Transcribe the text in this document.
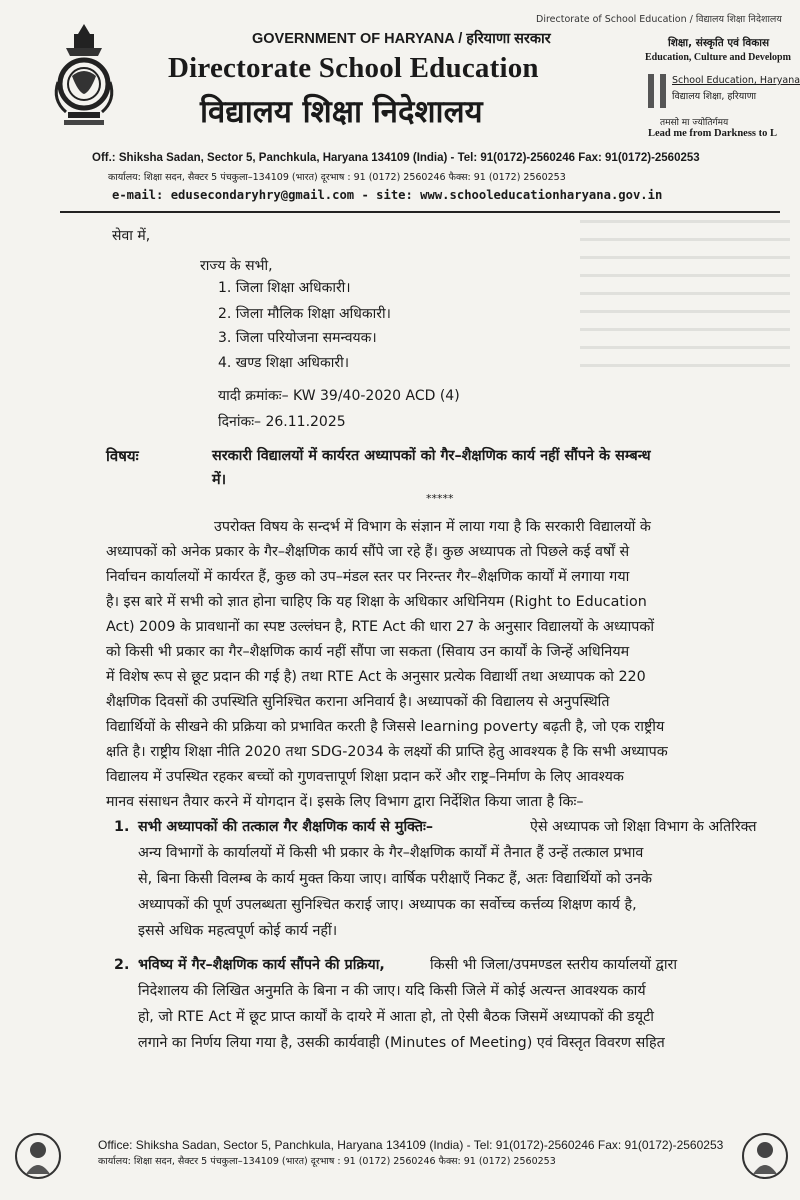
Directorate of School Education / विद्यालय शिक्षा निदेशालय
GOVERNMENT OF HARYANA / हरियाणा सरकार
Directorate School Education
विद्यालय शिक्षा निदेशालय
शिक्षा, संस्कृति एवं विकास
Education, Culture and Developm
School Education, Haryana
विद्यालय शिक्षा, हरियाणा
तमसो मा ज्योतिर्गमय
Lead me from Darkness to L
Off.: Shiksha Sadan, Sector 5, Panchkula, Haryana 134109 (India) - Tel: 91(0172)-2560246 Fax: 91(0172)-2560253
कार्यालय: शिक्षा सदन, सैक्टर 5 पंचकुला–134109 (भारत) दूरभाष : 91 (0172) 2560246 फैक्स: 91 (0172) 2560253
e-mail: edusecondaryhry@gmail.com - site: www.schooleducationharyana.gov.in
सेवा में,
राज्य के सभी,
1. जिला शिक्षा अधिकारी।
2. जिला मौलिक शिक्षा अधिकारी।
3. जिला परियोजना समन्वयक।
4. खण्ड शिक्षा अधिकारी।
यादी क्रमांकः– KW 39/40-2020 ACD (4)
दिनांकः– 26.11.2025
विषयः	सरकारी विद्यालयों में कार्यरत अध्यापकों को गैर–शैक्षणिक कार्य नहीं सौंपने के सम्बन्ध
में।
*****
उपरोक्त विषय के सन्दर्भ में विभाग के संज्ञान में लाया गया है कि सरकारी विद्यालयों के
अध्यापकों को अनेक प्रकार के गैर–शैक्षणिक कार्य सौंपे जा रहे हैं। कुछ अध्यापक तो पिछले कई वर्षों से
निर्वाचन कार्यालयों में कार्यरत हैं, कुछ को उप–मंडल स्तर पर निरन्तर गैर–शैक्षणिक कार्यों में लगाया गया
है। इस बारे में सभी को ज्ञात होना चाहिए कि यह शिक्षा के अधिकार अधिनियम (Right to Education
Act) 2009 के प्रावधानों का स्पष्ट उल्लंघन है, RTE Act की धारा 27 के अनुसार विद्यालयों के अध्यापकों
को किसी भी प्रकार का गैर–शैक्षणिक कार्य नहीं सौंपा जा सकता (सिवाय उन कार्यों के जिन्हें अधिनियम
में विशेष रूप से छूट प्रदान की गई है) तथा RTE Act के अनुसार प्रत्येक विद्यार्थी तथा अध्यापक को 220
शैक्षणिक दिवसों की उपस्थिति सुनिश्चित कराना अनिवार्य है। अध्यापकों की विद्यालय से अनुपस्थिति
विद्यार्थियों के सीखने की प्रक्रिया को प्रभावित करती है जिससे learning poverty बढ़ती है, जो एक राष्ट्रीय
क्षति है। राष्ट्रीय शिक्षा नीति 2020 तथा SDG-2034 के लक्ष्यों की प्राप्ति हेतु आवश्यक है कि सभी अध्यापक
विद्यालय में उपस्थित रहकर बच्चों को गुणवत्तापूर्ण शिक्षा प्रदान करें और राष्ट्र–निर्माण के लिए आवश्यक
मानव संसाधन तैयार करने में योगदान दें। इसके लिए विभाग द्वारा निर्देशित किया जाता है किः–
1. सभी अध्यापकों की तत्काल गैर शैक्षणिक कार्य से मुक्तिः–	ऐसे अध्यापक जो शिक्षा विभाग के अतिरिक्त
अन्य विभागों के कार्यालयों में किसी भी प्रकार के गैर–शैक्षणिक कार्यों में तैनात हैं उन्हें तत्काल प्रभाव
से, बिना किसी विलम्ब के कार्य मुक्त किया जाए। वार्षिक परीक्षाएँ निकट हैं, अतः विद्यार्थियों को उनके
अध्यापकों की पूर्ण उपलब्धता सुनिश्चित कराई जाए। अध्यापक का सर्वोच्च कर्त्तव्य शिक्षण कार्य है,
इससे अधिक महत्वपूर्ण कोई कार्य नहीं।
2. भविष्य में गैर–शैक्षणिक कार्य सौंपने की प्रक्रिया,	किसी भी जिला/उपमण्डल स्तरीय कार्यालयों द्वारा
निदेशालय की लिखित अनुमति के बिना न की जाए। यदि किसी जिले में कोई अत्यन्त आवश्यक कार्य
हो, जो RTE Act में छूट प्राप्त कार्यों के दायरे में आता हो, तो ऐसी बैठक जिसमें अध्यापकों की डयूटी
लगाने का निर्णय लिया गया है, उसकी कार्यवाही (Minutes of Meeting) एवं विस्तृत विवरण सहित
Office: Shiksha Sadan, Sector 5, Panchkula, Haryana 134109 (India) - Tel: 91(0172)-2560246 Fax: 91(0172)-2560253
कार्यालय: शिक्षा सदन, सैक्टर 5 पंचकुला–134109 (भारत) दूरभाष : 91 (0172) 2560246 फैक्स: 91 (0172) 2560253
